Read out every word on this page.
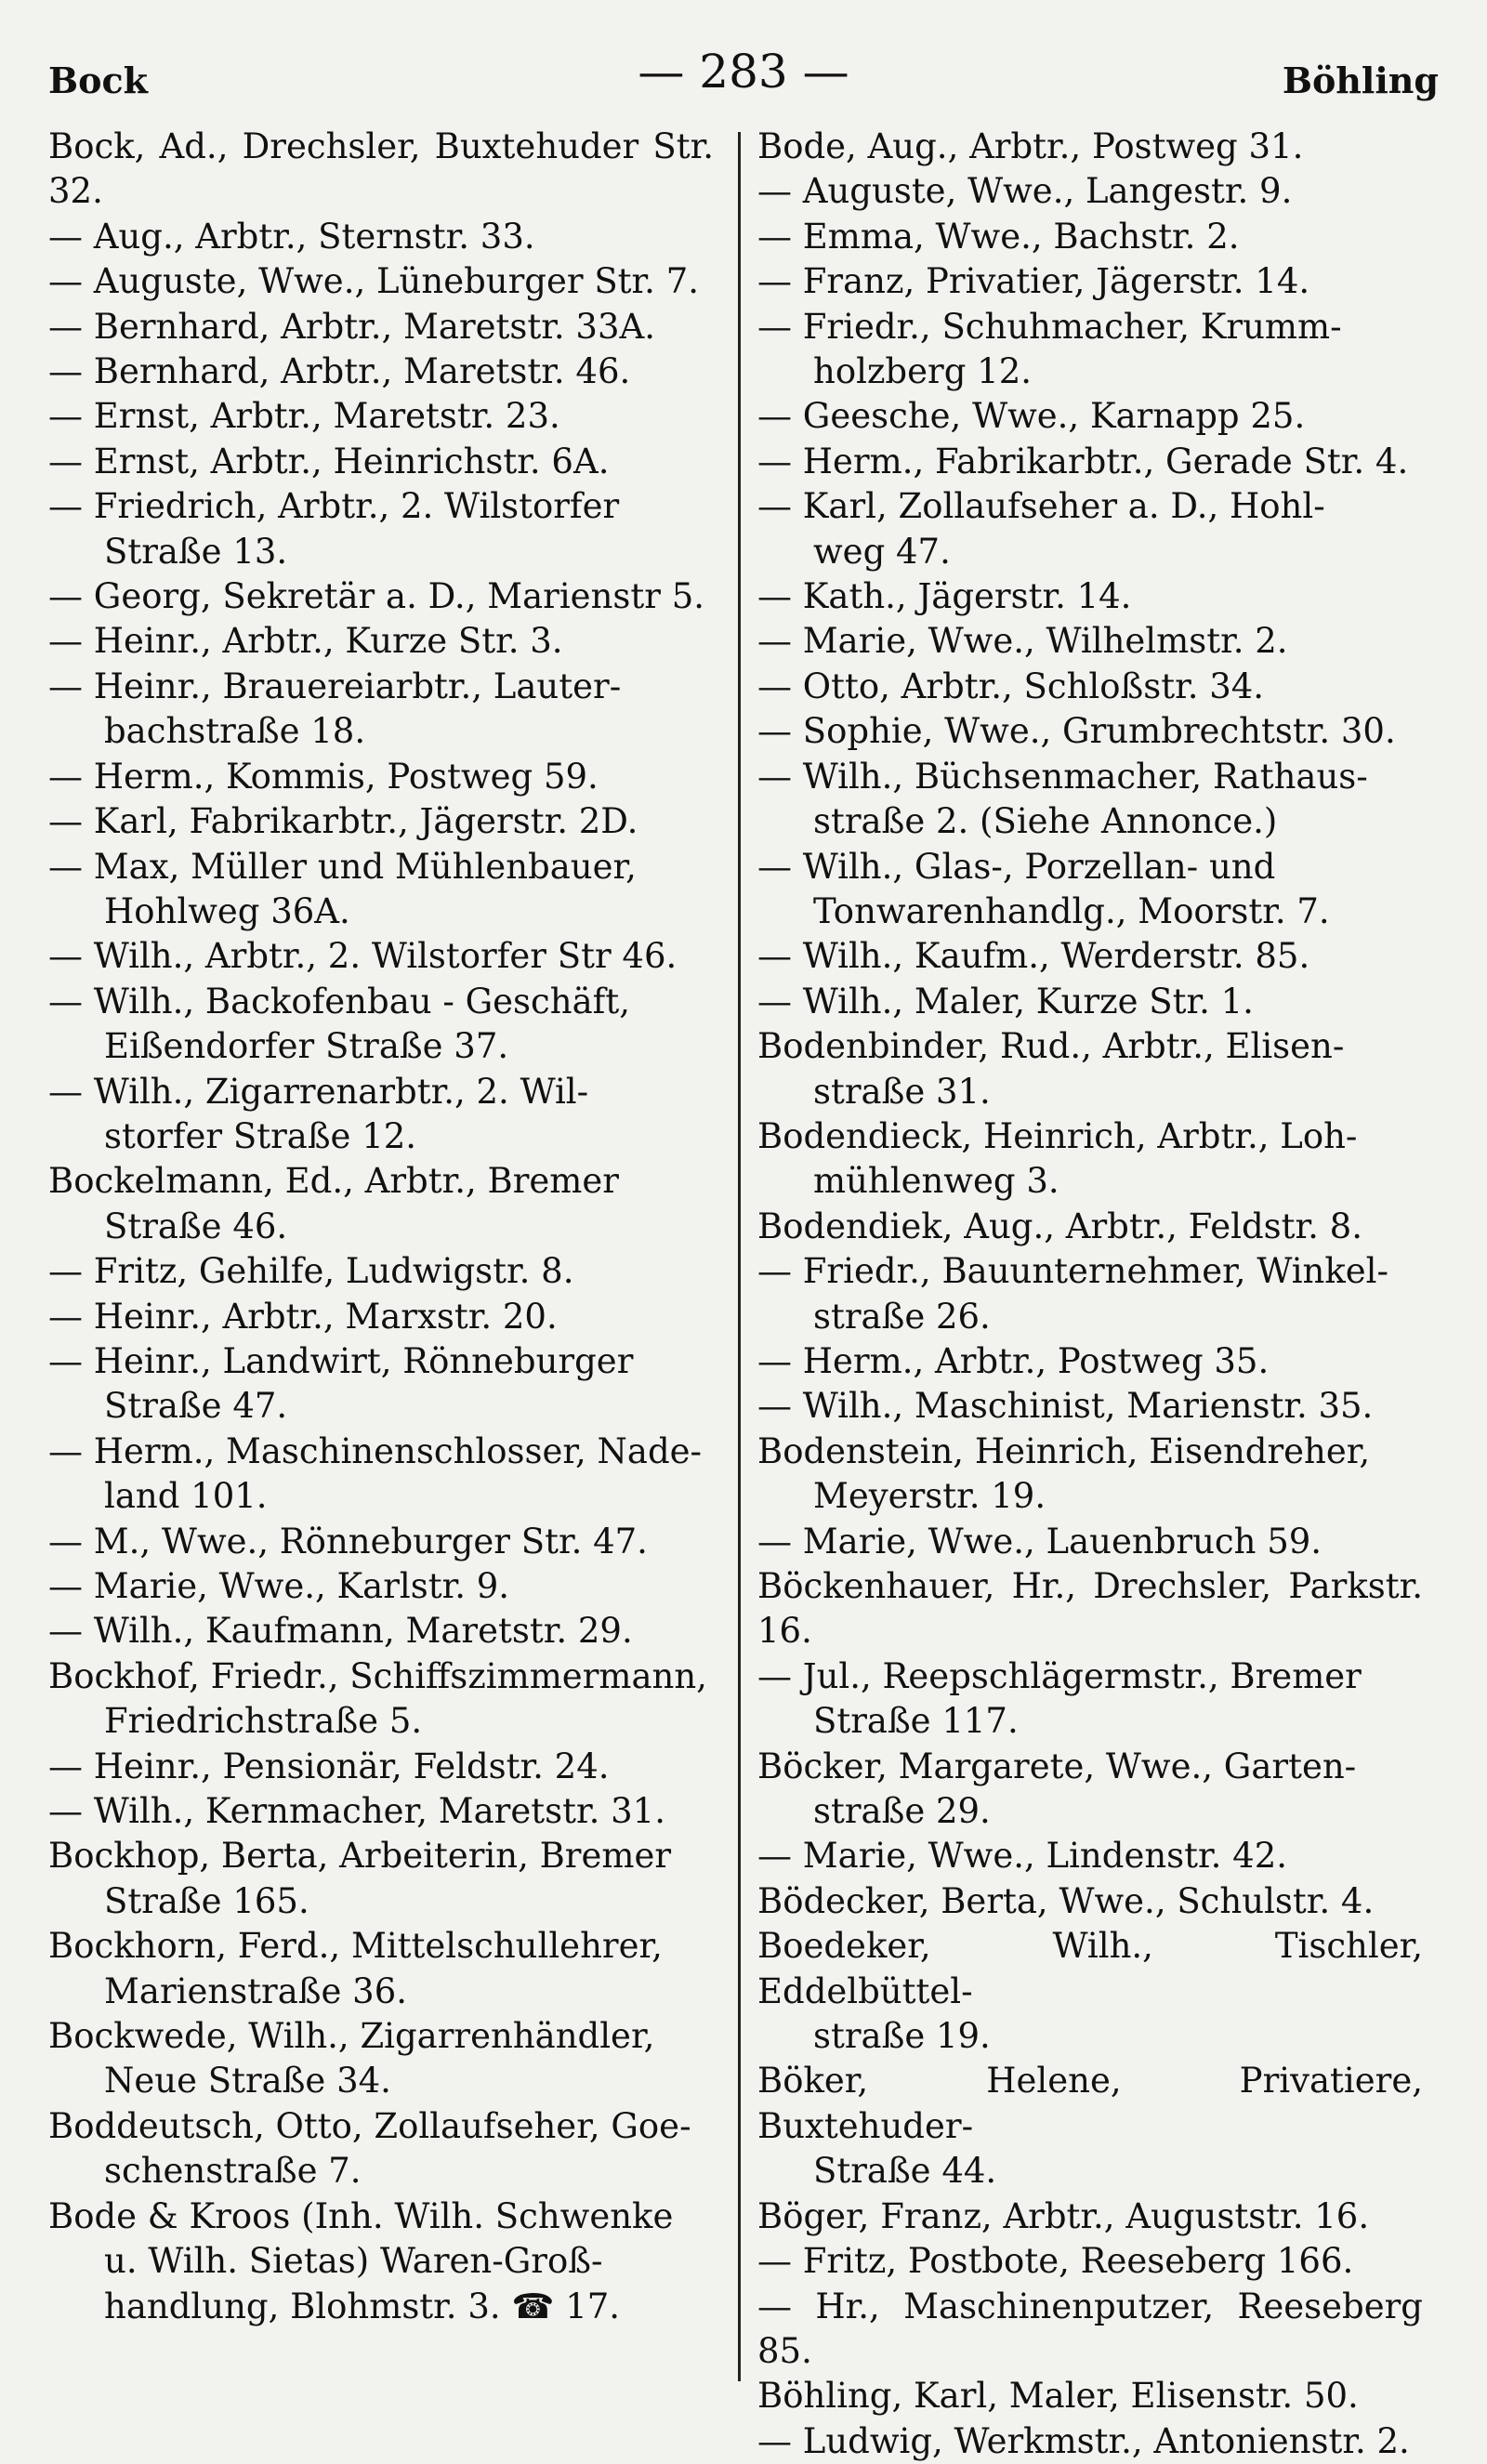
Bock	— 283 —	Böhling
Bock, Ad., Drechsler, Buxtehuder Str. 32.
— Aug., Arbtr., Sternstr. 33.
— Auguste, Wwe., Lüneburger Str. 7.
— Bernhard, Arbtr., Maretstr. 33A.
— Bernhard, Arbtr., Maretstr. 46.
— Ernst, Arbtr., Maretstr. 23.
— Ernst, Arbtr., Heinrichstr. 6A.
— Friedrich, Arbtr., 2. Wilstorfer
Straße 13.
— Georg, Sekretär a. D., Marienstr 5.
— Heinr., Arbtr., Kurze Str. 3.
— Heinr., Brauereiarbtr., Lauter-
bachstraße 18.
— Herm., Kommis, Postweg 59.
— Karl, Fabrikarbtr., Jägerstr. 2D.
— Max, Müller und Mühlenbauer,
Hohlweg 36A.
— Wilh., Arbtr., 2. Wilstorfer Str 46.
— Wilh., Backofenbau - Geschäft,
Eißendorfer Straße 37.
— Wilh., Zigarrenarbtr., 2. Wil-
storfer Straße 12.
Bockelmann, Ed., Arbtr., Bremer
Straße 46.
— Fritz, Gehilfe, Ludwigstr. 8.
— Heinr., Arbtr., Marxstr. 20.
— Heinr., Landwirt, Rönneburger
Straße 47.
— Herm., Maschinenschlosser, Nade-
land 101.
— M., Wwe., Rönneburger Str. 47.
— Marie, Wwe., Karlstr. 9.
— Wilh., Kaufmann, Maretstr. 29.
Bockhof, Friedr., Schiffszimmermann,
Friedrichstraße 5.
— Heinr., Pensionär, Feldstr. 24.
— Wilh., Kernmacher, Maretstr. 31.
Bockhop, Berta, Arbeiterin, Bremer
Straße 165.
Bockhorn, Ferd., Mittelschullehrer,
Marienstraße 36.
Bockwede, Wilh., Zigarrenhändler,
Neue Straße 34.
Boddeutsch, Otto, Zollaufseher, Goe-
schenstraße 7.
Bode & Kroos (Inh. Wilh. Schwenke
u. Wilh. Sietas) Waren-Groß-
handlung, Blohmstr. 3. ☎ 17.
Bode, Aug., Arbtr., Postweg 31.
— Auguste, Wwe., Langestr. 9.
— Emma, Wwe., Bachstr. 2.
— Franz, Privatier, Jägerstr. 14.
— Friedr., Schuhmacher, Krumm-
holzberg 12.
— Geesche, Wwe., Karnapp 25.
— Herm., Fabrikarbtr., Gerade Str. 4.
— Karl, Zollaufseher a. D., Hohl-
weg 47.
— Kath., Jägerstr. 14.
— Marie, Wwe., Wilhelmstr. 2.
— Otto, Arbtr., Schloßstr. 34.
— Sophie, Wwe., Grumbrechtstr. 30.
— Wilh., Büchsenmacher, Rathaus-
straße 2. (Siehe Annonce.)
— Wilh., Glas-, Porzellan- und
Tonwarenhandlg., Moorstr. 7.
— Wilh., Kaufm., Werderstr. 85.
— Wilh., Maler, Kurze Str. 1.
Bodenbinder, Rud., Arbtr., Elisen-
straße 31.
Bodendieck, Heinrich, Arbtr., Loh-
mühlenweg 3.
Bodendiek, Aug., Arbtr., Feldstr. 8.
— Friedr., Bauunternehmer, Winkel-
straße 26.
— Herm., Arbtr., Postweg 35.
— Wilh., Maschinist, Marienstr. 35.
Bodenstein, Heinrich, Eisendreher,
Meyerstr. 19.
— Marie, Wwe., Lauenbruch 59.
Böckenhauer, Hr., Drechsler, Parkstr. 16.
— Jul., Reepschlägermstr., Bremer
Straße 117.
Böcker, Margarete, Wwe., Garten-
straße 29.
— Marie, Wwe., Lindenstr. 42.
Bödecker, Berta, Wwe., Schulstr. 4.
Boedeker, Wilh., Tischler, Eddelbüttel-
straße 19.
Böker, Helene, Privatiere, Buxtehuder-
Straße 44.
Böger, Franz, Arbtr., Auguststr. 16.
— Fritz, Postbote, Reeseberg 166.
— Hr., Maschinenputzer, Reeseberg 85.
Böhling, Karl, Maler, Elisenstr. 50.
— Ludwig, Werkmstr., Antonienstr. 2.
